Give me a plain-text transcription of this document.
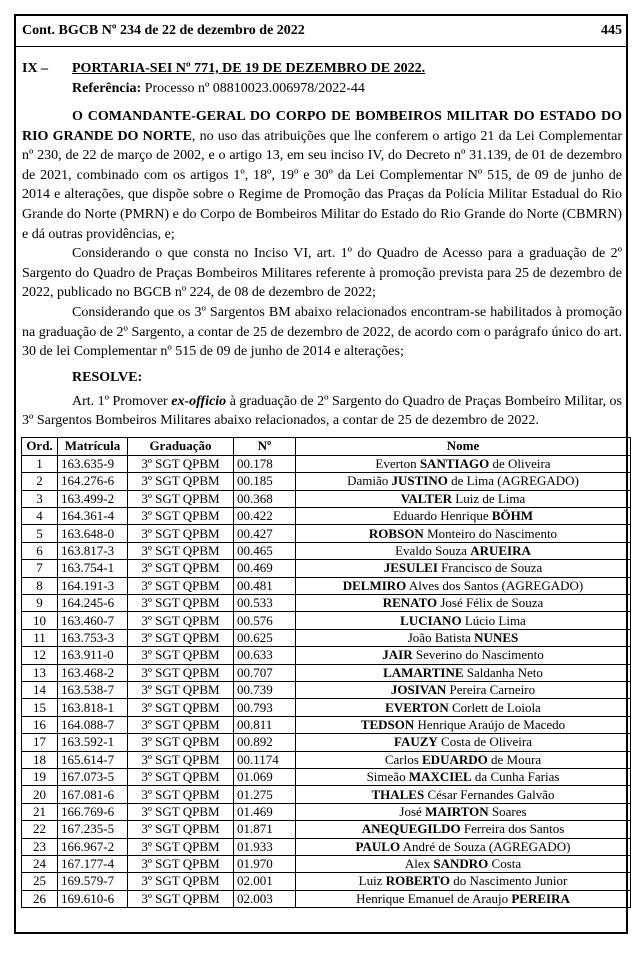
Cont. BGCB Nº 234 de 22 de dezembro de 2022	445
IX –	PORTARIA-SEI Nº 771, DE 19 DE DEZEMBRO DE 2022.
Referência: Processo nº 08810023.006978/2022-44

O COMANDANTE-GERAL DO CORPO DE BOMBEIROS MILITAR DO ESTADO DO RIO GRANDE DO NORTE, no uso das atribuições que lhe conferem o artigo 21 da Lei Complementar nº 230, de 22 de março de 2002, e o artigo 13, em seu inciso IV, do Decreto nº 31.139, de 01 de dezembro de 2021, combinado com os artigos 1º, 18º, 19º e 30º da Lei Complementar Nº 515, de 09 de junho de 2014 e alterações, que dispõe sobre o Regime de Promoção das Praças da Polícia Militar Estadual do Rio Grande do Norte (PMRN) e do Corpo de Bombeiros Militar do Estado do Rio Grande do Norte (CBMRN) e dá outras providências, e;

Considerando o que consta no Inciso VI, art. 1º do Quadro de Acesso para a graduação de 2º Sargento do Quadro de Praças Bombeiros Militares referente à promoção prevista para 25 de dezembro de 2022, publicado no BGCB nº 224, de 08 de dezembro de 2022;

Considerando que os 3º Sargentos BM abaixo relacionados encontram-se habilitados à promoção na graduação de 2º Sargento, a contar de 25 de dezembro de 2022, de acordo com o parágrafo único do art. 30 de lei Complementar nº 515 de 09 de junho de 2014 e alterações;

RESOLVE:

Art. 1º Promover ex-officio à graduação de 2º Sargento do Quadro de Praças Bombeiro Militar, os 3º Sargentos Bombeiros Militares abaixo relacionados, a contar de 25 de dezembro de 2022.

Ord.	Matrícula	Graduação	Nº	Nome
1	163.635-9	3º SGT QPBM	00.178	Everton SANTIAGO de Oliveira
2	164.276-6	3º SGT QPBM	00.185	Damião JUSTINO de Lima (AGREGADO)
3	163.499-2	3º SGT QPBM	00.368	VALTER Luiz de Lima
4	164.361-4	3º SGT QPBM	00.422	Eduardo Henrique BÖHM
5	163.648-0	3º SGT QPBM	00.427	ROBSON Monteiro do Nascimento
6	163.817-3	3º SGT QPBM	00.465	Evaldo Souza ARUEIRA
7	163.754-1	3º SGT QPBM	00.469	JESULEI Francisco de Souza
8	164.191-3	3º SGT QPBM	00.481	DELMIRO Alves dos Santos (AGREGADO)
9	164.245-6	3º SGT QPBM	00.533	RENATO José Félix de Souza
10	163.460-7	3º SGT QPBM	00.576	LUCIANO Lúcio Lima
11	163.753-3	3º SGT QPBM	00.625	João Batista NUNES
12	163.911-0	3º SGT QPBM	00.633	JAIR Severino do Nascimento
13	163.468-2	3º SGT QPBM	00.707	LAMARTINE Saldanha Neto
14	163.538-7	3º SGT QPBM	00.739	JOSIVAN Pereira Carneiro
15	163.818-1	3º SGT QPBM	00.793	EVERTON Corlett de Loiola
16	164.088-7	3º SGT QPBM	00.811	TEDSON Henrique Araújo de Macedo
17	163.592-1	3º SGT QPBM	00.892	FAUZY Costa de Oliveira
18	165.614-7	3º SGT QPBM	00.1174	Carlos EDUARDO de Moura
19	167.073-5	3º SGT QPBM	01.069	Simeão MAXCIEL da Cunha Farias
20	167.081-6	3º SGT QPBM	01.275	THALES César Fernandes Galvão
21	166.769-6	3º SGT QPBM	01.469	José MAIRTON Soares
22	167.235-5	3º SGT QPBM	01.871	ANEQUEGILDO Ferreira dos Santos
23	166.967-2	3º SGT QPBM	01.933	PAULO André de Souza (AGREGADO)
24	167.177-4	3º SGT QPBM	01.970	Alex SANDRO Costa
25	169.579-7	3º SGT QPBM	02.001	Luiz ROBERTO do Nascimento Junior
26	169.610-6	3º SGT QPBM	02.003	Henrique Emanuel de Araujo PEREIRA
